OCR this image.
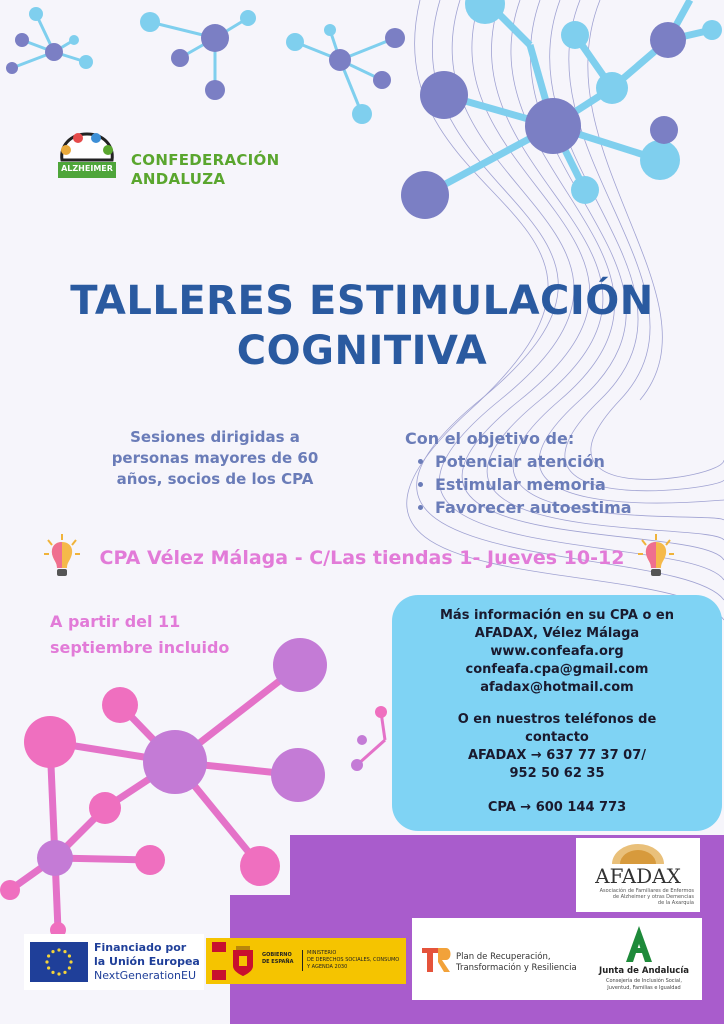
ALZHEIMER CONFEDERACIÓN
ANDALUZA
TALLERES ESTIMULACIÓN
COGNITIVA
Sesiones dirigidas a
personas mayores de 60
años, socios de los CPA
Con el objetivo de:
• Potenciar atención
• Estimular memoria
• Favorecer autoestima
CPA Vélez Málaga - C/Las tiendas 1- Jueves 10-12
A partir del 11
septiembre incluido
Más información en su CPA o en
AFADAX, Vélez Málaga
www.confeafa.org
confeafa.cpa@gmail.com
afadax@hotmail.com
O en nuestros teléfonos de
contacto
AFADAX → 637 77 37 07/
952 50 62 35
CPA → 600 144 773
AFADAX
Asociación de Familiares de Enfermos
de Alzheimer y otras Demencias
de la Axarquía
Financiado por
la Unión Europea
NextGenerationEU
GOBIERNO
DE ESPAÑA
MINISTERIO
DE DERECHOS SOCIALES, CONSUMO
Y AGENDA 2030
Plan de Recuperación,
Transformación y Resiliencia	Junta de Andalucía
Consejería de Inclusión Social,
Juventud, Familias e Igualdad
